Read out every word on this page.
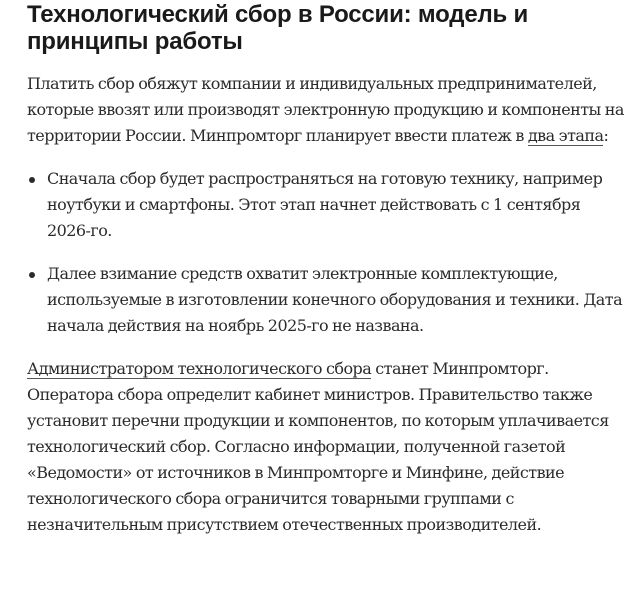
Технологический сбор в России: модель и принципы работы

Платить сбор обяжут компании и индивидуальных предпринимателей, которые ввозят или производят электронную продукцию и компоненты на территории России. Минпромторг планирует ввести платеж в два этапа:

Сначала сбор будет распространяться на готовую технику, например ноутбуки и смартфоны. Этот этап начнет действовать с 1 сентября 2026-го.
Далее взимание средств охватит электронные комплектующие, используемые в изготовлении конечного оборудования и техники. Дата начала действия на ноябрь 2025-го не названа.

Администратором технологического сбора станет Минпромторг. Оператора сбора определит кабинет министров. Правительство также установит перечни продукции и компонентов, по которым уплачивается технологический сбор. Согласно информации, полученной газетой «Ведомости» от источников в Минпромторге и Минфине, действие технологического сбора ограничится товарными группами с незначительным присутствием отечественных производителей.
